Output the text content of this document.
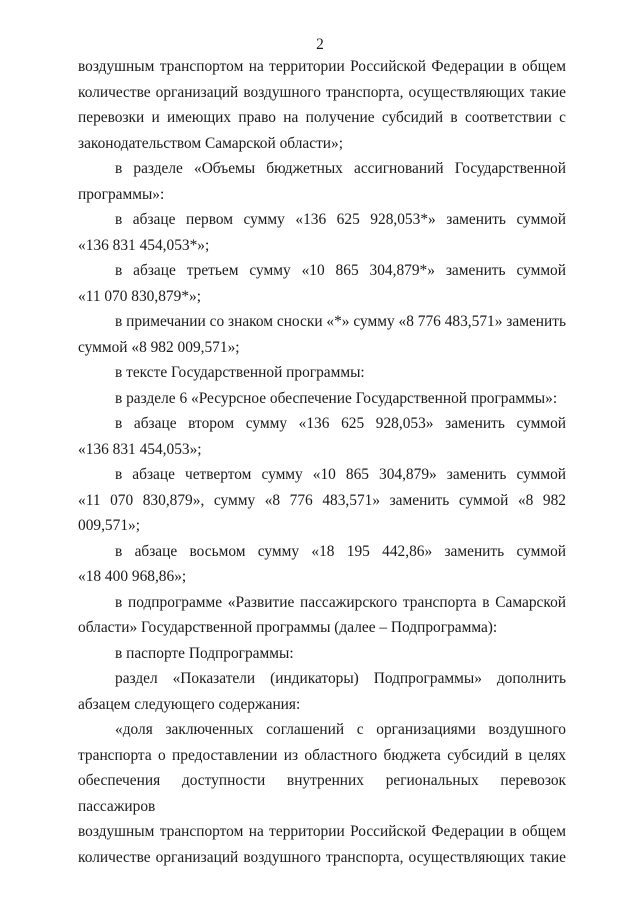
2
воздушным транспортом на территории Российской Федерации в общем
количестве организаций воздушного транспорта, осуществляющих такие
перевозки и имеющих право на получение субсидий в соответствии с
законодательством Самарской области»;
в разделе «Объемы бюджетных ассигнований Государственной
программы»:
в абзаце первом сумму «136 625 928,053*» заменить суммой
«136 831 454,053*»;
в абзаце третьем сумму «10 865 304,879*» заменить суммой
«11 070 830,879*»;
в примечании со знаком сноски «*» сумму «8 776 483,571» заменить
суммой «8 982 009,571»;
в тексте Государственной программы:
в разделе 6 «Ресурсное обеспечение Государственной программы»:
в абзаце втором сумму «136 625 928,053» заменить суммой
«136 831 454,053»;
в абзаце четвертом сумму «10 865 304,879» заменить суммой
«11 070 830,879», сумму «8 776 483,571» заменить суммой «8 982 009,571»;
в абзаце восьмом сумму «18 195 442,86» заменить суммой
«18 400 968,86»;
в подпрограмме «Развитие пассажирского транспорта в Самарской
области» Государственной программы (далее – Подпрограмма):
в паспорте Подпрограммы:
раздел «Показатели (индикаторы) Подпрограммы» дополнить
абзацем следующего содержания:
«доля заключенных соглашений с организациями воздушного
транспорта о предоставлении из областного бюджета субсидий в целях
обеспечения доступности внутренних региональных перевозок пассажиров
воздушным транспортом на территории Российской Федерации в общем
количестве организаций воздушного транспорта, осуществляющих такие
